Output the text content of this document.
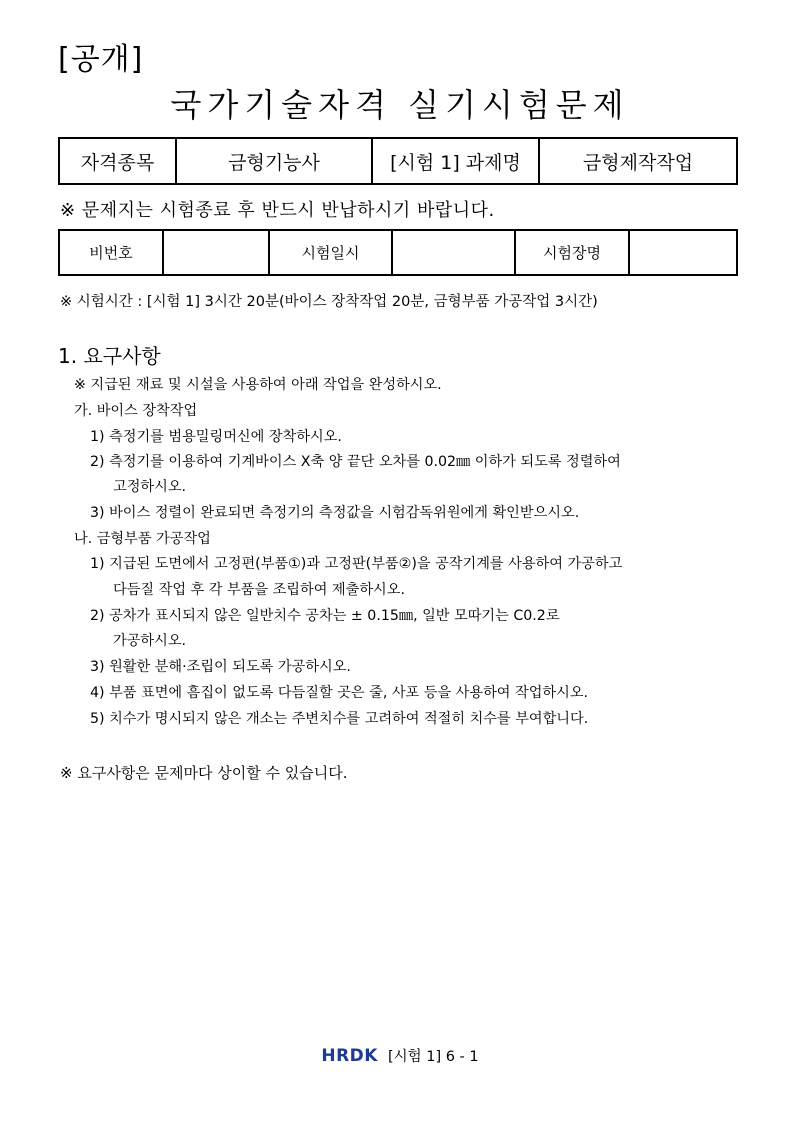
[공개]
국가기술자격 실기시험문제
자격종목	금형기능사	[시험 1] 과제명	금형제작작업
※ 문제지는 시험종료 후 반드시 반납하시기 바랍니다.
비번호		시험일시		시험장명	
※ 시험시간 : [시험 1] 3시간 20분(바이스 장착작업 20분, 금형부품 가공작업 3시간)
1. 요구사항
※ 지급된 재료 및 시설을 사용하여 아래 작업을 완성하시오.
가. 바이스 장착작업
1) 측정기를 범용밀링머신에 장착하시오.
2) 측정기를 이용하여 기계바이스 X축 양 끝단 오차를 0.02㎜ 이하가 되도록 정렬하여
고정하시오.
3) 바이스 정렬이 완료되면 측정기의 측정값을 시험감독위원에게 확인받으시오.
나. 금형부품 가공작업
1) 지급된 도면에서 고정편(부품①)과 고정판(부품②)을 공작기계를 사용하여 가공하고
다듬질 작업 후 각 부품을 조립하여 제출하시오.
2) 공차가 표시되지 않은 일반치수 공차는 ± 0.15㎜, 일반 모따기는 C0.2로
가공하시오.
3) 원활한 분해·조립이 되도록 가공하시오.
4) 부품 표면에 흠집이 없도록 다듬질할 곳은 줄, 사포 등을 사용하여 작업하시오.
5) 치수가 명시되지 않은 개소는 주변치수를 고려하여 적절히 치수를 부여합니다.
※ 요구사항은 문제마다 상이할 수 있습니다.
HRDK [시험 1] 6 - 1
